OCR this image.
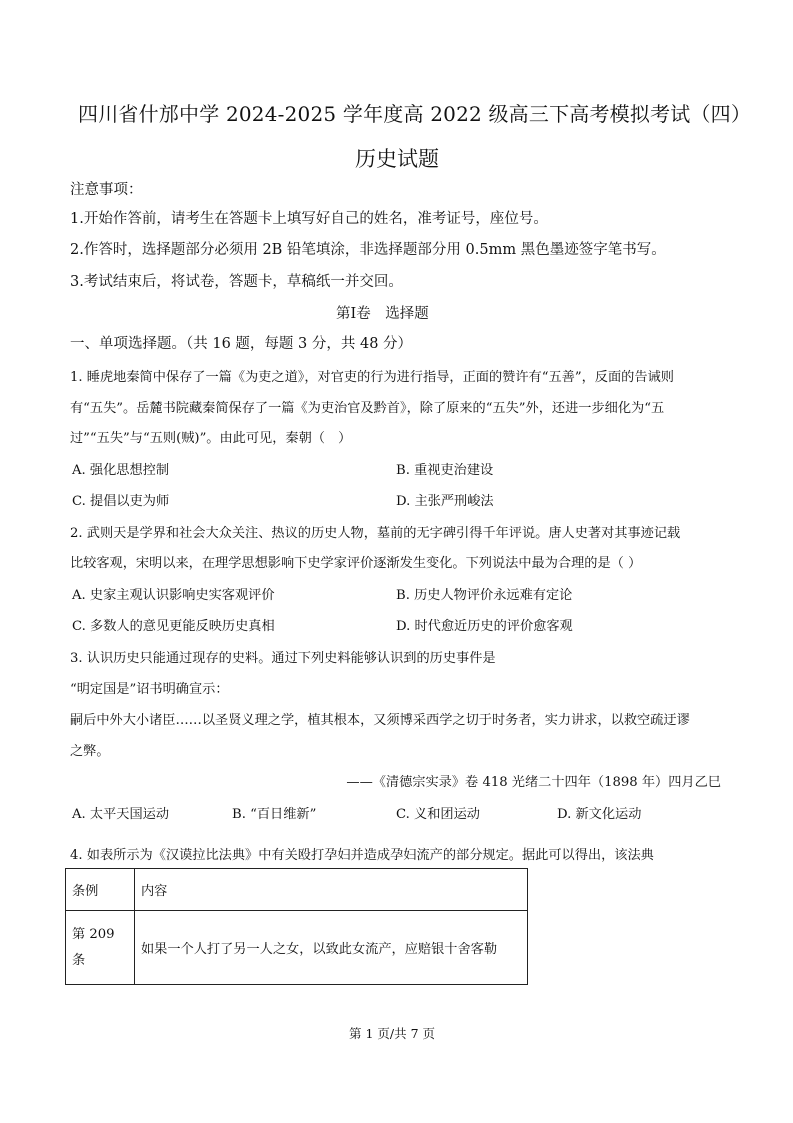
四川省什邡中学 2024-2025 学年度高 2022 级高三下高考模拟考试（四）
历史试题
注意事项：
1.开始作答前，请考生在答题卡上填写好自己的姓名，准考证号，座位号。
2.作答时，选择题部分必须用 2B 铅笔填涂，非选择题部分用 0.5mm 黑色墨迹签字笔书写。
3.考试结束后，将试卷，答题卡，草稿纸一并交回。
第Ⅰ卷　选择题
一、单项选择题。（共 16 题，每题 3 分，共 48 分）
1. 睡虎地秦简中保存了一篇《为吏之道》，对官吏的行为进行指导，正面的赞许有“五善”，反面的告诫则
有“五失”。岳麓书院藏秦简保存了一篇《为吏治官及黔首》，除了原来的“五失”外，还进一步细化为“五
过”“五失”与“五则(贼)”。由此可见，秦朝（　）
A. 强化思想控制	B. 重视吏治建设
C. 提倡以吏为师	D. 主张严刑峻法
2. 武则天是学界和社会大众关注、热议的历史人物，墓前的无字碑引得千年评说。唐人史著对其事迹记载
比较客观，宋明以来，在理学思想影响下史学家评价逐渐发生变化。下列说法中最为合理的是（ ）
A. 史家主观认识影响史实客观评价	B. 历史人物评价永远难有定论
C. 多数人的意见更能反映历史真相	D. 时代愈近历史的评价愈客观
3. 认识历史只能通过现存的史料。通过下列史料能够认识到的历史事件是
“明定国是”诏书明确宣示：
嗣后中外大小诸臣……以圣贤义理之学，植其根本，又须博采西学之切于时务者，实力讲求，以救空疏迂谬
之弊。
——《清德宗实录》卷 418 光绪二十四年（1898 年）四月乙巳
A. 太平天国运动	B. “百日维新”	C. 义和团运动	D. 新文化运动
4. 如表所示为《汉谟拉比法典》中有关殴打孕妇并造成孕妇流产的部分规定。据此可以得出，该法典
条例	内容
第 209
条	如果一个人打了另一人之女，以致此女流产，应赔银十舍客勒
第 1 页/共 7 页
